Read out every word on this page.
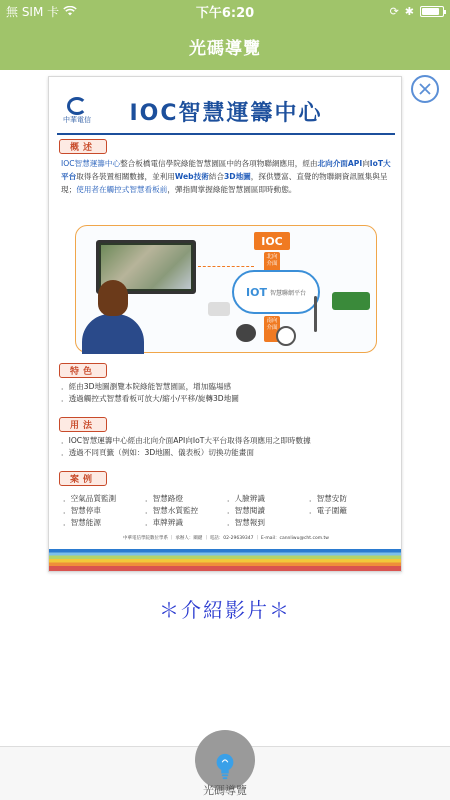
無 SIM 卡	下午6:20	⟳ ✱
光碼導覽
中華電信	IOC智慧運籌中心
概述
IOC智慧運籌中心整合板橋電信學院綠能智慧園區中的各項物聯網應用，經由北向介面API向IoT大平台取得各裝置相關數據，並利用Web技術結合3D地圖，探供豐富、直覺的物聯網資訊匯集與呈現；使用者在觸控式智慧看板前，彈指間掌握綠能智慧園區即時動態。
IOC
北向介面
IOT 智慧聯網平台
南向介面
特色
．經由3D地圖瀏覽本院綠能智慧園區，增加臨場感
．透過觸控式智慧看板可放大/縮小/平移/旋轉3D地圖
用法
．IOC智慧運籌中心經由北向介面API向IoT大平台取得各項應用之即時數據
．透過不同頁籤（例如：3D地圖、儀表板）切換功能畫面
案例
．空氣品質監測	．智慧路燈	．人臉辨識	．智慧安防
．智慧停車	．智慧水質監控	．智慧閱讀	．電子圍籬
．智慧能源	．車牌辨識	．智慧報到
中華電信學院數位學系 ｜ 承辦人：關鍵 ｜ 電話：02-29639347 ｜ E-mail：cannliwu@cht.com.tw
＊介紹影片＊
光碼導覽
